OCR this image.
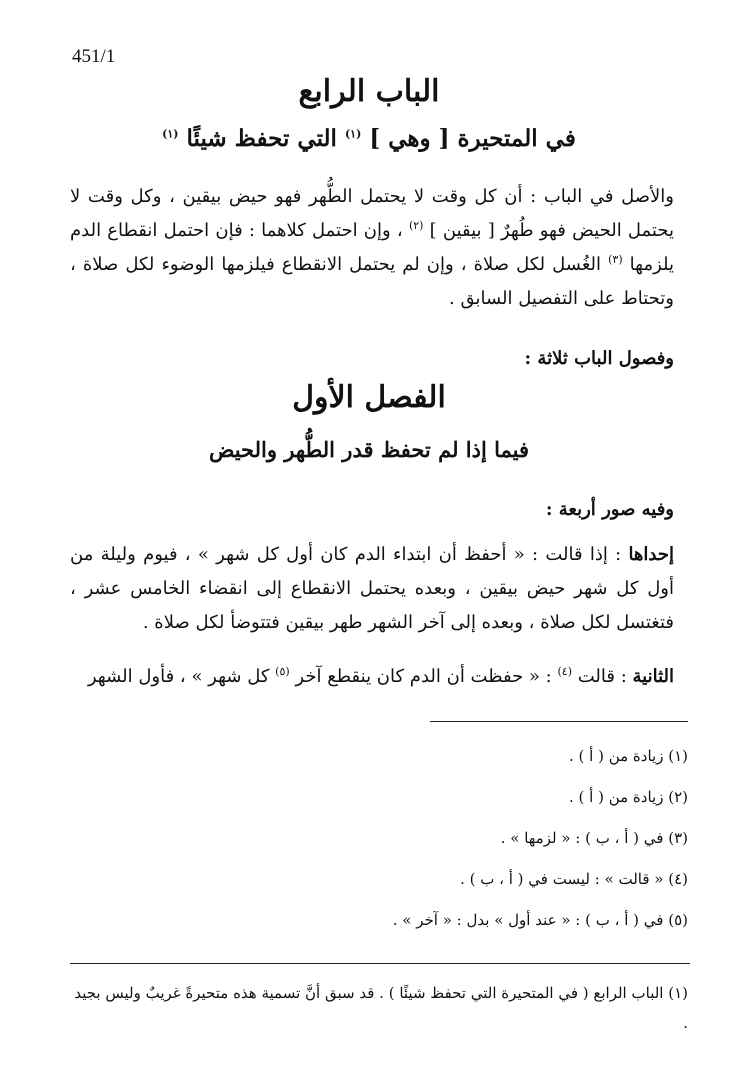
451/1
الباب الرابع
في المتحيرة [ وهي ] $^{(١)}$ التي تحفظ شيئًا $^{(١)}$
والأصل في الباب : أن كل وقت لا يحتمل الطُّهر فهو حيض بيقين ، وكل وقت لا يحتمل الحيض فهو طُهرٌ [ بيقين ] $^{(٢)}$ ، وإن احتمل كلاهما : فإن احتمل انقطاع الدم يلزمها $^{(٣)}$ الغُسل لكل صلاة ، وإن لم يحتمل الانقطاع فيلزمها الوضوء لكل صلاة ، وتحتاط على التفصيل السابق .
وفصول الباب ثلاثة :
الفصل الأول
فيما إذا لم تحفظ قدر الطُّهر والحيض
وفيه صور أربعة :
إحداها : إذا قالت : « أحفظ أن ابتداء الدم كان أول كل شهر » ، فيوم وليلة من أول كل شهر حيض بيقين ، وبعده يحتمل الانقطاع إلى انقضاء الخامس عشر ، فتغتسل لكل صلاة ، وبعده إلى آخر الشهر طهر بيقين فتتوضأ لكل صلاة .
الثانية : قالت $^{(٤)}$ : « حفظت أن الدم كان ينقطع آخر $^{(٥)}$ كل شهر » ، فأول الشهر
(١) زيادة من ( أ ) .
(٢) زيادة من ( أ ) .
(٣) في ( أ ، ب ) : « لزمها » .
(٤) « قالت » : ليست في ( أ ، ب ) .
(٥) في ( أ ، ب ) : « عند أول » بدل : « آخر » .
(١) الباب الرابع ( في المتحيرة التي تحفظ شيئًا ) . قد سبق أنَّ تسمية هذه متحيرةً غريبٌ وليس بجيد .
